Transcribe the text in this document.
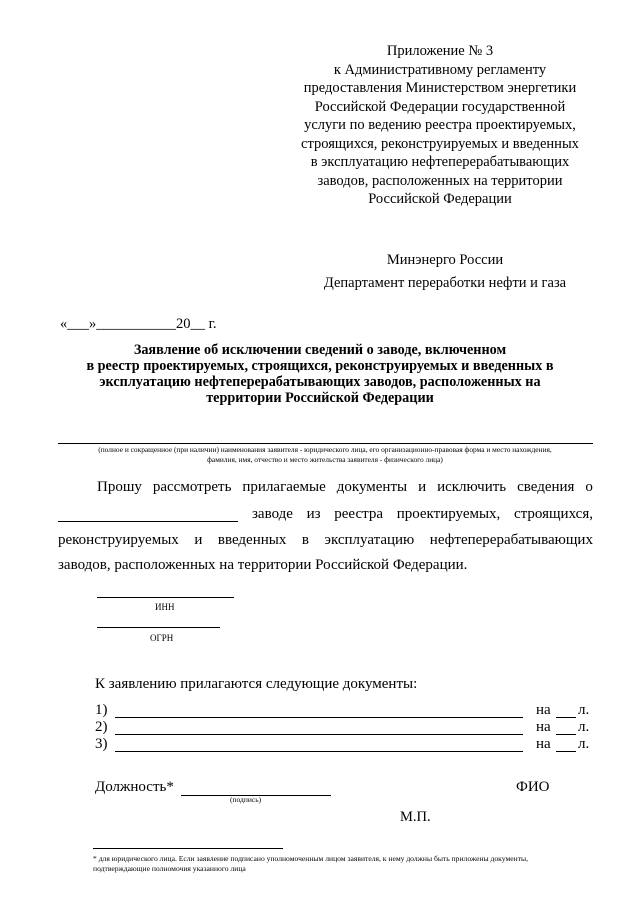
Приложение № 3
к Административному регламенту
предоставления Министерством энергетики
Российской Федерации государственной
услуги по ведению реестра проектируемых,
строящихся, реконструируемых и введенных
в эксплуатацию нефтеперерабатывающих
заводов, расположенных на территории
Российской Федерации
Минэнерго России
Департамент переработки нефти и газа
«___»___________20__ г.
Заявление об исключении сведений о заводе, включенном
в реестр проектируемых, строящихся, реконструируемых и введенных в
эксплуатацию нефтеперерабатывающих заводов, расположенных на
территории Российской Федерации
(полное и сокращенное (при наличии) наименования заявителя - юридического лица, его организационно-правовая форма и место нахождения,
фамилия, имя, отчество и место жительства заявителя - физического лица)
Прошу рассмотреть прилагаемые документы и исключить сведения о
заводе из реестра проектируемых, строящихся,
реконструируемых и введенных в эксплуатацию нефтеперерабатывающих
заводов, расположенных на территории Российской Федерации.
ИНН
ОГРН
К заявлению прилагаются следующие документы:
1)	на л.
2)	на л.
3)	на л.
Должность*
(подпись)
ФИО
М.П.
* для юридического лица. Если заявление подписано уполномоченным лицом заявителя, к нему должны быть приложены документы,
подтверждающие полномочия указанного лица
